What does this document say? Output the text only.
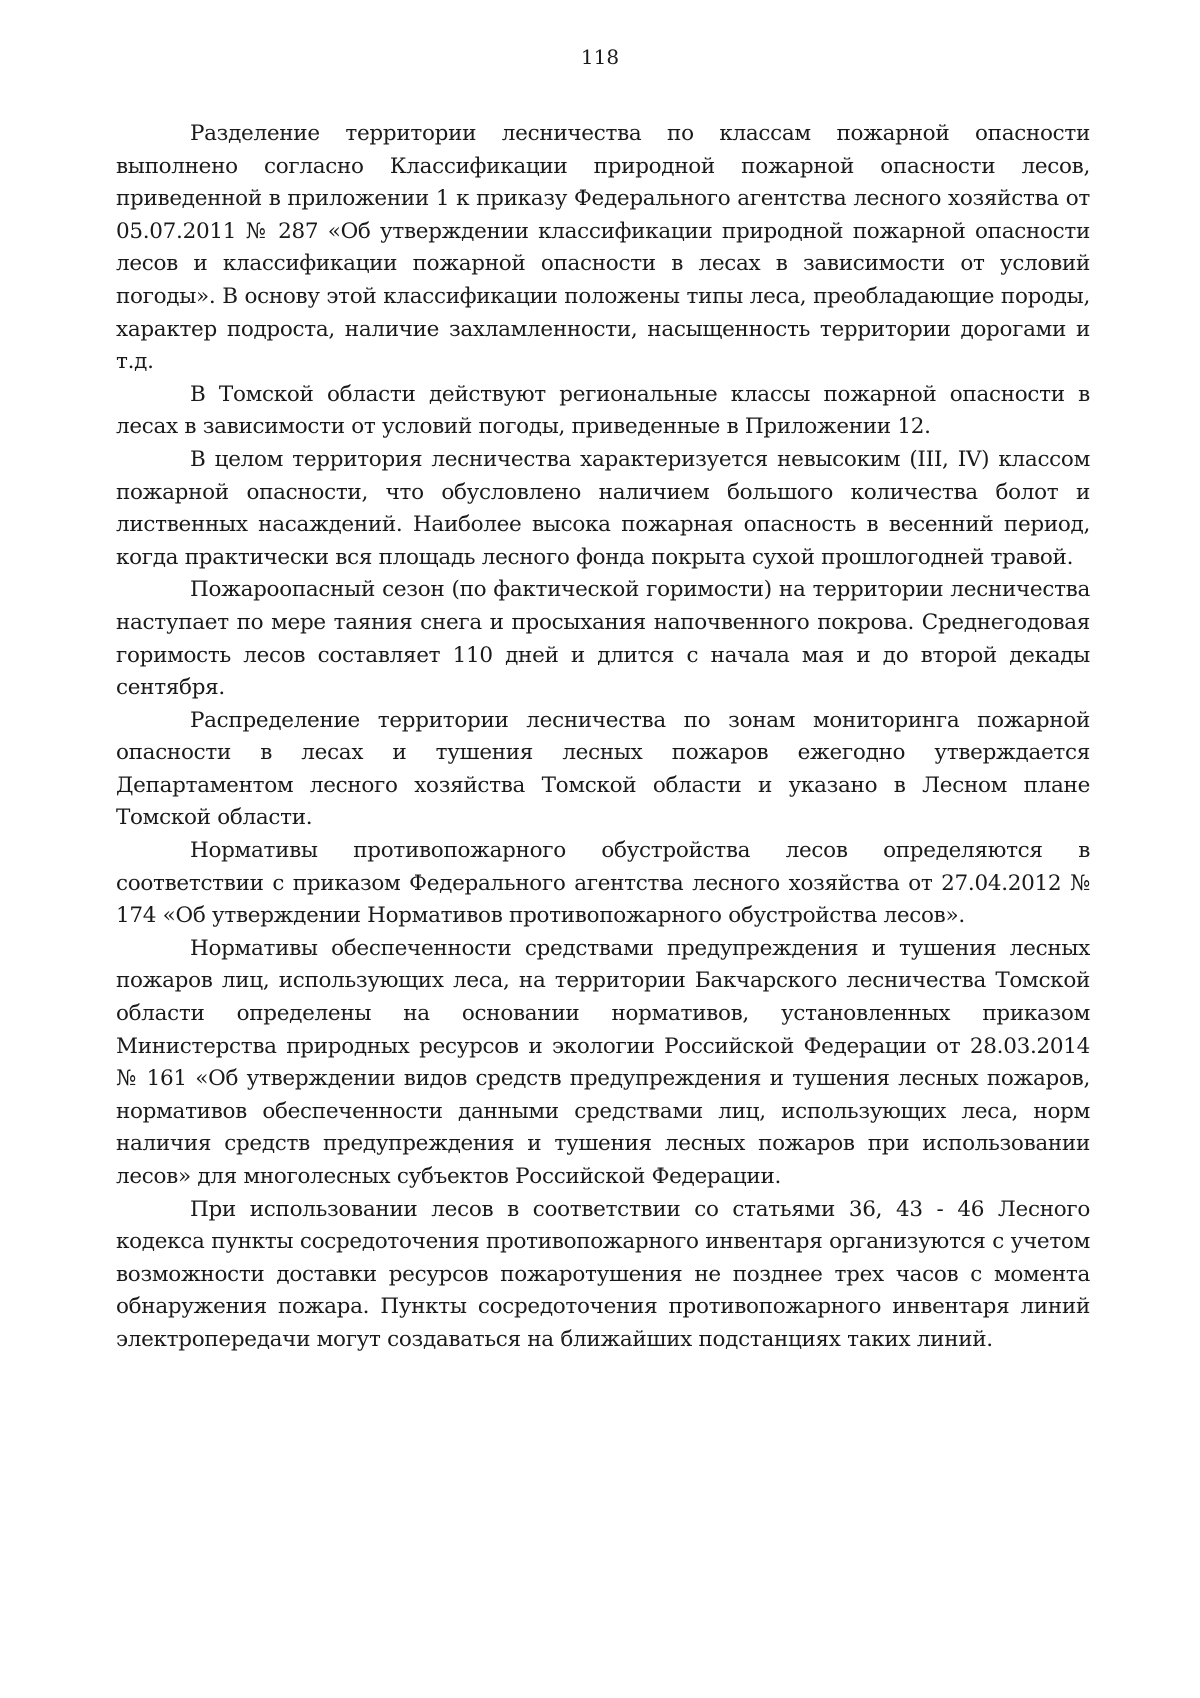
118

Разделение территории лесничества по классам пожарной опасности выполнено согласно Классификации природной пожарной опасности лесов, приведенной в приложении 1 к приказу Федерального агентства лесного хозяйства от 05.07.2011 № 287 «Об утверждении классификации природной пожарной опасности лесов и классификации пожарной опасности в лесах в зависимости от условий погоды». В основу этой классификации положены типы леса, преобладающие породы, характер подроста, наличие захламленности, насыщенность территории дорогами и т.д.

В Томской области действуют региональные классы пожарной опасности в лесах в зависимости от условий погоды, приведенные в Приложении 12.

В целом территория лесничества характеризуется невысоким (III, IV) классом пожарной опасности, что обусловлено наличием большого количества болот и лиственных насаждений. Наиболее высока пожарная опасность в весенний период, когда практически вся площадь лесного фонда покрыта сухой прошлогодней травой.

Пожароопасный сезон (по фактической горимости) на территории лесничества наступает по мере таяния снега и просыхания напочвенного покрова. Среднегодовая горимость лесов составляет 110 дней и длится с начала мая и до второй декады сентября.

Распределение территории лесничества по зонам мониторинга пожарной опасности в лесах и тушения лесных пожаров ежегодно утверждается Департаментом лесного хозяйства Томской области и указано в Лесном плане Томской области.

Нормативы противопожарного обустройства лесов определяются в соответствии с приказом Федерального агентства лесного хозяйства от 27.04.2012 № 174 «Об утверждении Нормативов противопожарного обустройства лесов».

Нормативы обеспеченности средствами предупреждения и тушения лесных пожаров лиц, использующих леса, на территории Бакчарского лесничества Томской области определены на основании нормативов, установленных приказом Министерства природных ресурсов и экологии Российской Федерации от 28.03.2014 № 161 «Об утверждении видов средств предупреждения и тушения лесных пожаров, нормативов обеспеченности данными средствами лиц, использующих леса, норм наличия средств предупреждения и тушения лесных пожаров при использовании лесов» для многолесных субъектов Российской Федерации.

При использовании лесов в соответствии со статьями 36, 43 - 46 Лесного кодекса пункты сосредоточения противопожарного инвентаря организуются с учетом возможности доставки ресурсов пожаротушения не позднее трех часов с момента обнаружения пожара. Пункты сосредоточения противопожарного инвентаря линий электропередачи могут создаваться на ближайших подстанциях таких линий.
